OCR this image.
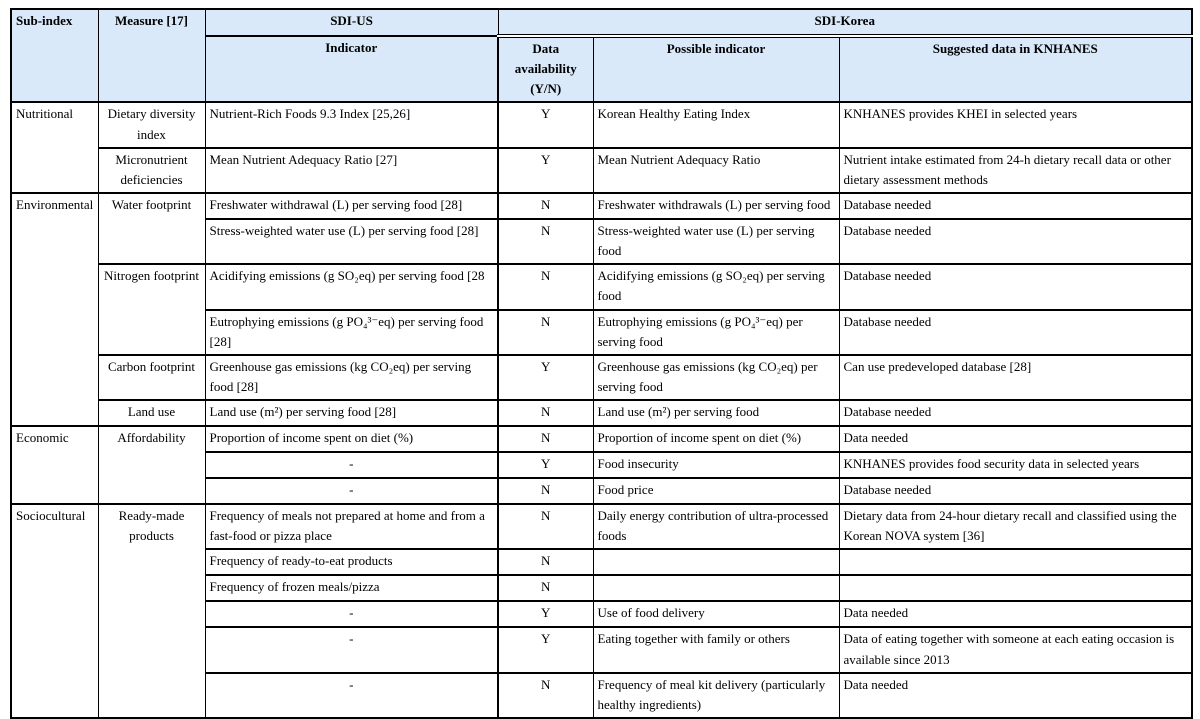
Sub-index	Measure [17]	SDI-US	SDI-Korea		
		Indicator	Data availability (Y/N)	Possible indicator	Suggested data in KNHANES
Nutritional	Dietary diversity index	Nutrient-Rich Foods 9.3 Index [25,26]	Y	Korean Healthy Eating Index	KNHANES provides KHEI in selected years
	Micronutrient deficiencies	Mean Nutrient Adequacy Ratio [27]	Y	Mean Nutrient Adequacy Ratio	Nutrient intake estimated from 24-h dietary recall data or other dietary assessment methods
Environmental	Water footprint	Freshwater withdrawal (L) per serving food [28]	N	Freshwater withdrawals (L) per serving food	Database needed
		Stress-weighted water use (L) per serving food [28]	N	Stress-weighted water use (L) per serving food	Database needed
	Nitrogen footprint	Acidifying emissions (g SO₂eq) per serving food [28	N	Acidifying emissions (g SO₂eq) per serving food	Database needed
		Eutrophying emissions (g PO₄³⁻eq) per serving food [28]	N	Eutrophying emissions (g PO₄³⁻eq) per serving food	Database needed
	Carbon footprint	Greenhouse gas emissions (kg CO₂eq) per serving food [28]	Y	Greenhouse gas emissions (kg CO₂eq) per serving food	Can use predeveloped database [28]
	Land use	Land use (m²) per serving food [28]	N	Land use (m²) per serving food	Database needed
Economic	Affordability	Proportion of income spent on diet (%)	N	Proportion of income spent on diet (%)	Data needed
		-	Y	Food insecurity	KNHANES provides food security data in selected years
		-	N	Food price	Database needed
Sociocultural	Ready-made products	Frequency of meals not prepared at home and from a fast-food or pizza place	N	Daily energy contribution of ultra-processed foods	Dietary data from 24-hour dietary recall and classified using the Korean NOVA system [36]
		Frequency of ready-to-eat products	N		
		Frequency of frozen meals/pizza	N		
		-	Y	Use of food delivery	Data needed
		-	Y	Eating together with family or others	Data of eating together with someone at each eating occasion is available since 2013
		-	N	Frequency of meal kit delivery (particularly healthy ingredients)	Data needed
